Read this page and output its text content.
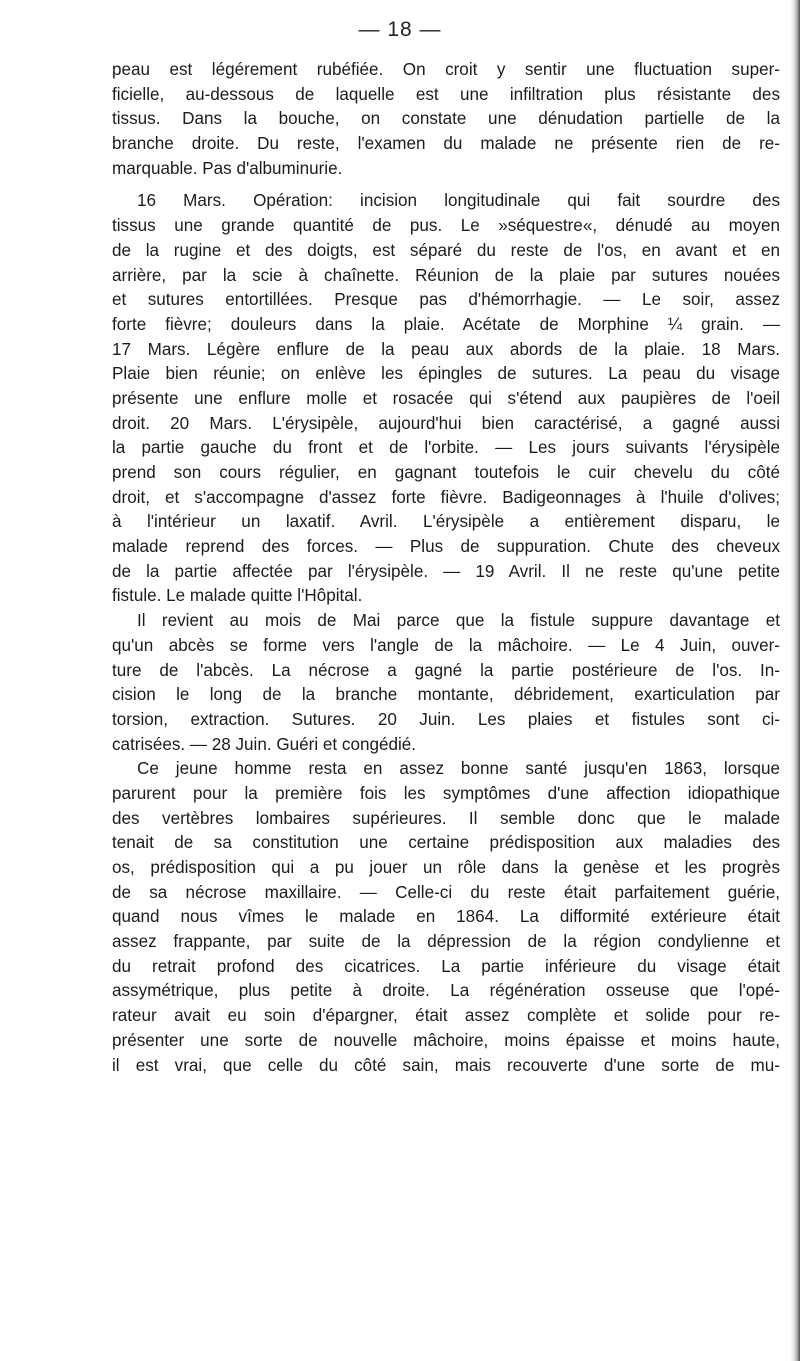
— 18 —
peau est légérement rubéfiée. On croit y sentir une fluctuation super-
ficielle, au-dessous de laquelle est une infiltration plus résistante des
tissus. Dans la bouche, on constate une dénudation partielle de la
branche droite. Du reste, l'examen du malade ne présente rien de re-
marquable. Pas d'albuminurie.
16 Mars. Opération: incision longitudinale qui fait sourdre des
tissus une grande quantité de pus. Le »séquestre«, dénudé au moyen
de la rugine et des doigts, est séparé du reste de l'os, en avant et en
arrière, par la scie à chaînette. Réunion de la plaie par sutures nouées
et sutures entortillées. Presque pas d'hémorrhagie. — Le soir, assez
forte fièvre; douleurs dans la plaie. Acétate de Morphine ¼ grain. —
17 Mars. Légère enflure de la peau aux abords de la plaie. 18 Mars.
Plaie bien réunie; on enlève les épingles de sutures. La peau du visage
présente une enflure molle et rosacée qui s'étend aux paupières de l'oeil
droit. 20 Mars. L'érysipèle, aujourd'hui bien caractérisé, a gagné aussi
la partie gauche du front et de l'orbite. — Les jours suivants l'érysipèle
prend son cours régulier, en gagnant toutefois le cuir chevelu du côté
droit, et s'accompagne d'assez forte fièvre. Badigeonnages à l'huile d'olives;
à l'intérieur un laxatif. Avril. L'érysipèle a entièrement disparu, le
malade reprend des forces. — Plus de suppuration. Chute des cheveux
de la partie affectée par l'érysipèle. — 19 Avril. Il ne reste qu'une petite
fistule. Le malade quitte l'Hôpital.
Il revient au mois de Mai parce que la fistule suppure davantage et
qu'un abcès se forme vers l'angle de la mâchoire. — Le 4 Juin, ouver-
ture de l'abcès. La nécrose a gagné la partie postérieure de l'os. In-
cision le long de la branche montante, débridement, exarticulation par
torsion, extraction. Sutures. 20 Juin. Les plaies et fistules sont ci-
catrisées. — 28 Juin. Guéri et congédié.
Ce jeune homme resta en assez bonne santé jusqu'en 1863, lorsque
parurent pour la première fois les symptômes d'une affection idiopathique
des vertèbres lombaires supérieures. Il semble donc que le malade
tenait de sa constitution une certaine prédisposition aux maladies des
os, prédisposition qui a pu jouer un rôle dans la genèse et les progrès
de sa nécrose maxillaire. — Celle-ci du reste était parfaitement guérie,
quand nous vîmes le malade en 1864. La difformité extérieure était
assez frappante, par suite de la dépression de la région condylienne et
du retrait profond des cicatrices. La partie inférieure du visage était
assymétrique, plus petite à droite. La régénération osseuse que l'opé-
rateur avait eu soin d'épargner, était assez complète et solide pour re-
présenter une sorte de nouvelle mâchoire, moins épaisse et moins haute,
il est vrai, que celle du côté sain, mais recouverte d'une sorte de mu-
